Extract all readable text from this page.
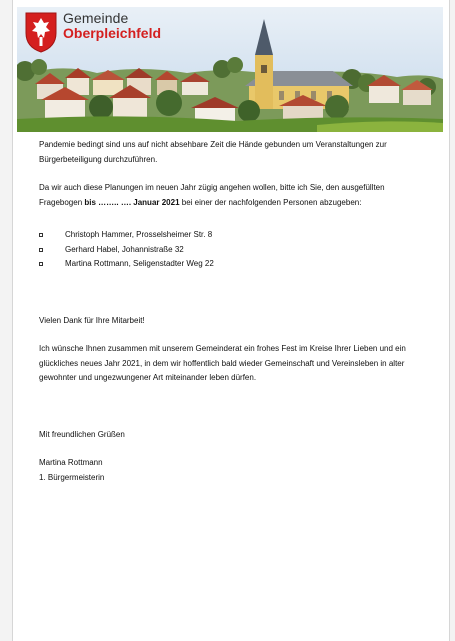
Gemeinde
Oberpleichfeld

Pandemie bedingt sind uns auf nicht absehbare Zeit die Hände gebunden um Veranstaltungen zur Bürgerbeteiligung durchzuführen.

Da wir auch diese Planungen im neuen Jahr zügig angehen wollen, bitte ich Sie, den ausgefüllten Fragebogen bis …….. …. Januar 2021 bei einer der nachfolgenden Personen abzugeben:

Christoph Hammer, Prosselsheimer Str. 8
Gerhard Habel, Johannistraße 32
Martina Rottmann, Seligenstadter Weg 22

Vielen Dank für Ihre Mitarbeit!

Ich wünsche Ihnen zusammen mit unserem Gemeinderat ein frohes Fest im Kreise Ihrer Lieben und ein glückliches neues Jahr 2021, in dem wir hoffentlich bald wieder Gemeinschaft und Vereinsleben in alter gewohnter und ungezwungener Art miteinander leben dürfen.

Mit freundlichen Grüßen

Martina Rottmann

1. Bürgermeisterin
